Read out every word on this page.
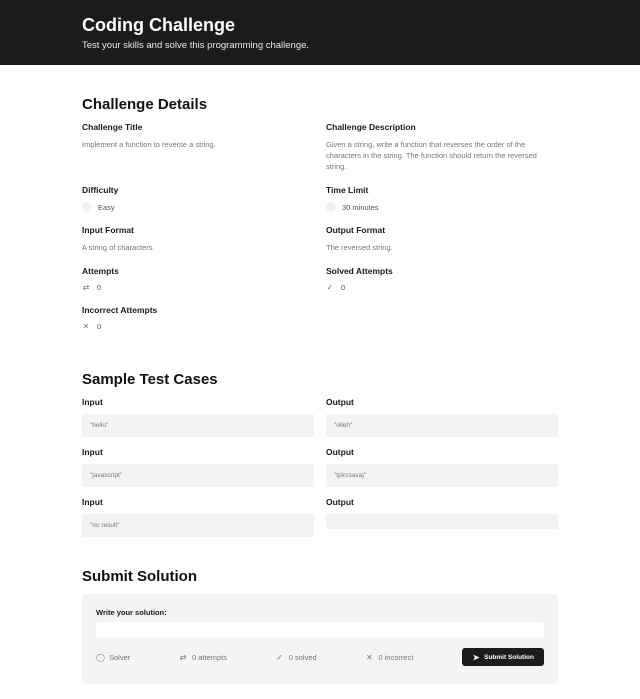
Coding Challenge

Test your skills and solve this programming challenge.

Challenge Details
Challenge Title
Implement a function to reverse a string.
Challenge Description
Given a string, write a function that reverses the order of the characters in the string. The function should return the reversed string.
Difficulty
Easy
Time Limit
30 minutes
Input Format
A string of characters.
Output Format
The reversed string.
Attempts
⇄ 0
Solved Attempts
✓ 0
Incorrect Attempts
✕ 0
Sample Test Cases
Input
"hello"
Output
"olleh"
Input
"javascript"
Output
"tpircsavaj"
Input
"no result"
Output
Submit Solution
Write your solution:
◯ Solver	⇄ 0 attempts	✓ 0 solved	✕ 0 incorrect	➤ Submit Solution
